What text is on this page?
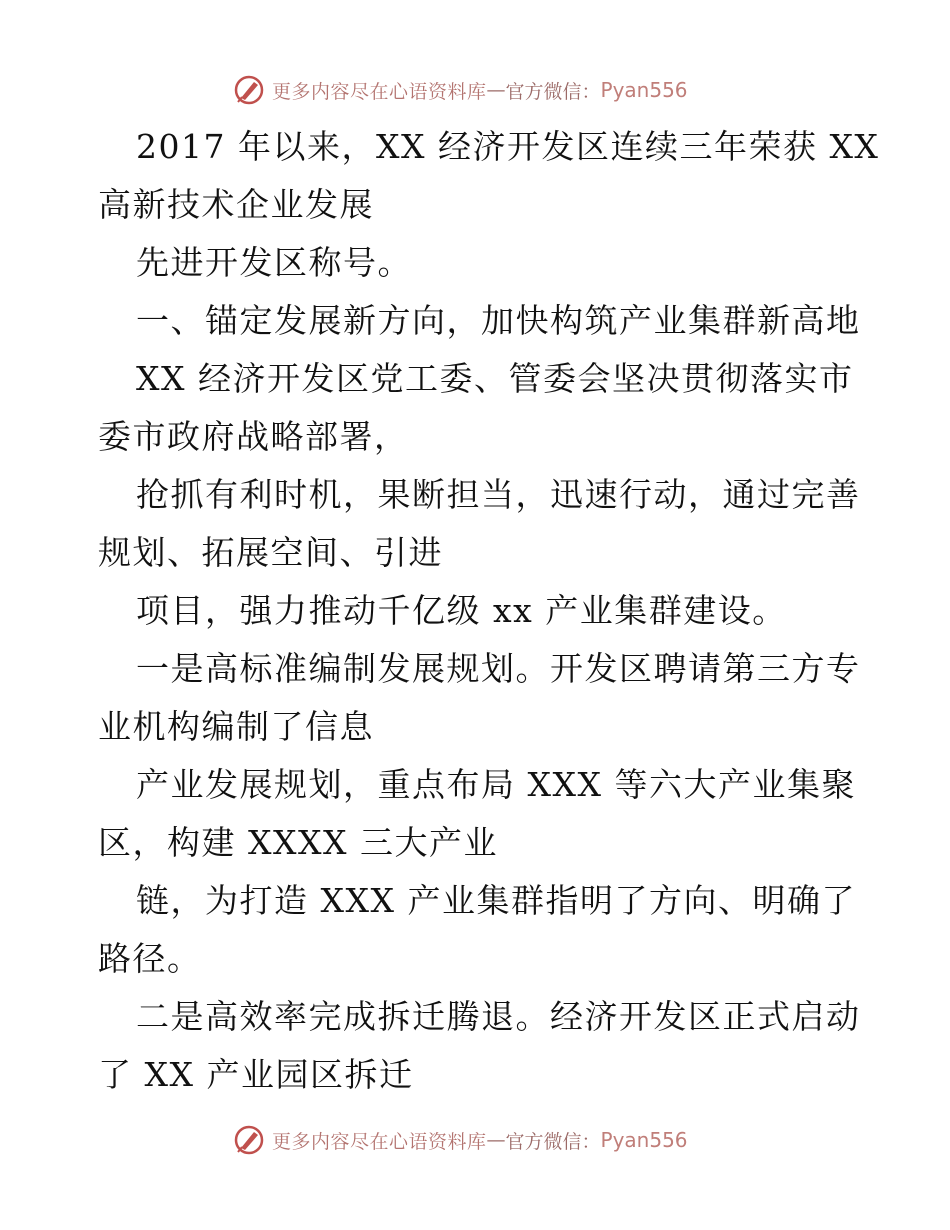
更多内容尽在心语资料库 — 官方微信： Pyan556

2017 年以来，XX 经济开发区连续三年荣获 XX
高新技术企业发展

先进开发区称号。

一、锚定发展新方向，加快构筑产业集群新高地

XX 经济开发区党工委、管委会坚决贯彻落实市
委市政府战略部署，

抢抓有利时机，果断担当，迅速行动，通过完善
规划、拓展空间、引进

项目，强力推动千亿级 xx 产业集群建设。

一是高标准编制发展规划。开发区聘请第三方专
业机构编制了信息

产业发展规划，重点布局 XXX 等六大产业集聚
区，构建 XXXX 三大产业

链，为打造 XXX 产业集群指明了方向、明确了
路径。

二是高效率完成拆迁腾退。经济开发区正式启动
了 XX 产业园区拆迁

更多内容尽在心语资料库 — 官方微信： Pyan556
